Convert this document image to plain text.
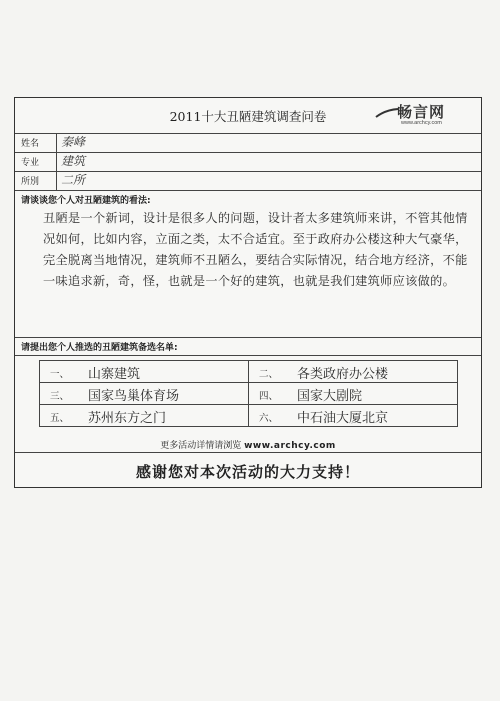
2011十大丑陋建筑调查问卷	畅言网
www.archcy.com
姓名 秦峰
专业 建筑
所別 二所
请谈谈您个人对丑陋建筑的看法:
丑陋是一个新词，设计是很多人的问题，设计者太多建筑师来讲，不管其他情况如何，比如内容，立面之类，太不合适宜。至于政府办公楼这种大气豪华，完全脱离当地情况，建筑师不丑陋么，要结合实际情况，结合地方经济，不能一味追求新，奇，怪，也就是一个好的建筑，也就是我们建筑师应该做的。
请提出您个人推选的丑陋建筑备选名单:
一、 山寨建筑	二、 各类政府办公楼
三、 国家鸟巢体育场	四、 国家大剧院
五、 苏州东方之门	六、 中石油大厦北京
更多活动详情请浏览 www.archcy.com
感谢您对本次活动的大力支持！
